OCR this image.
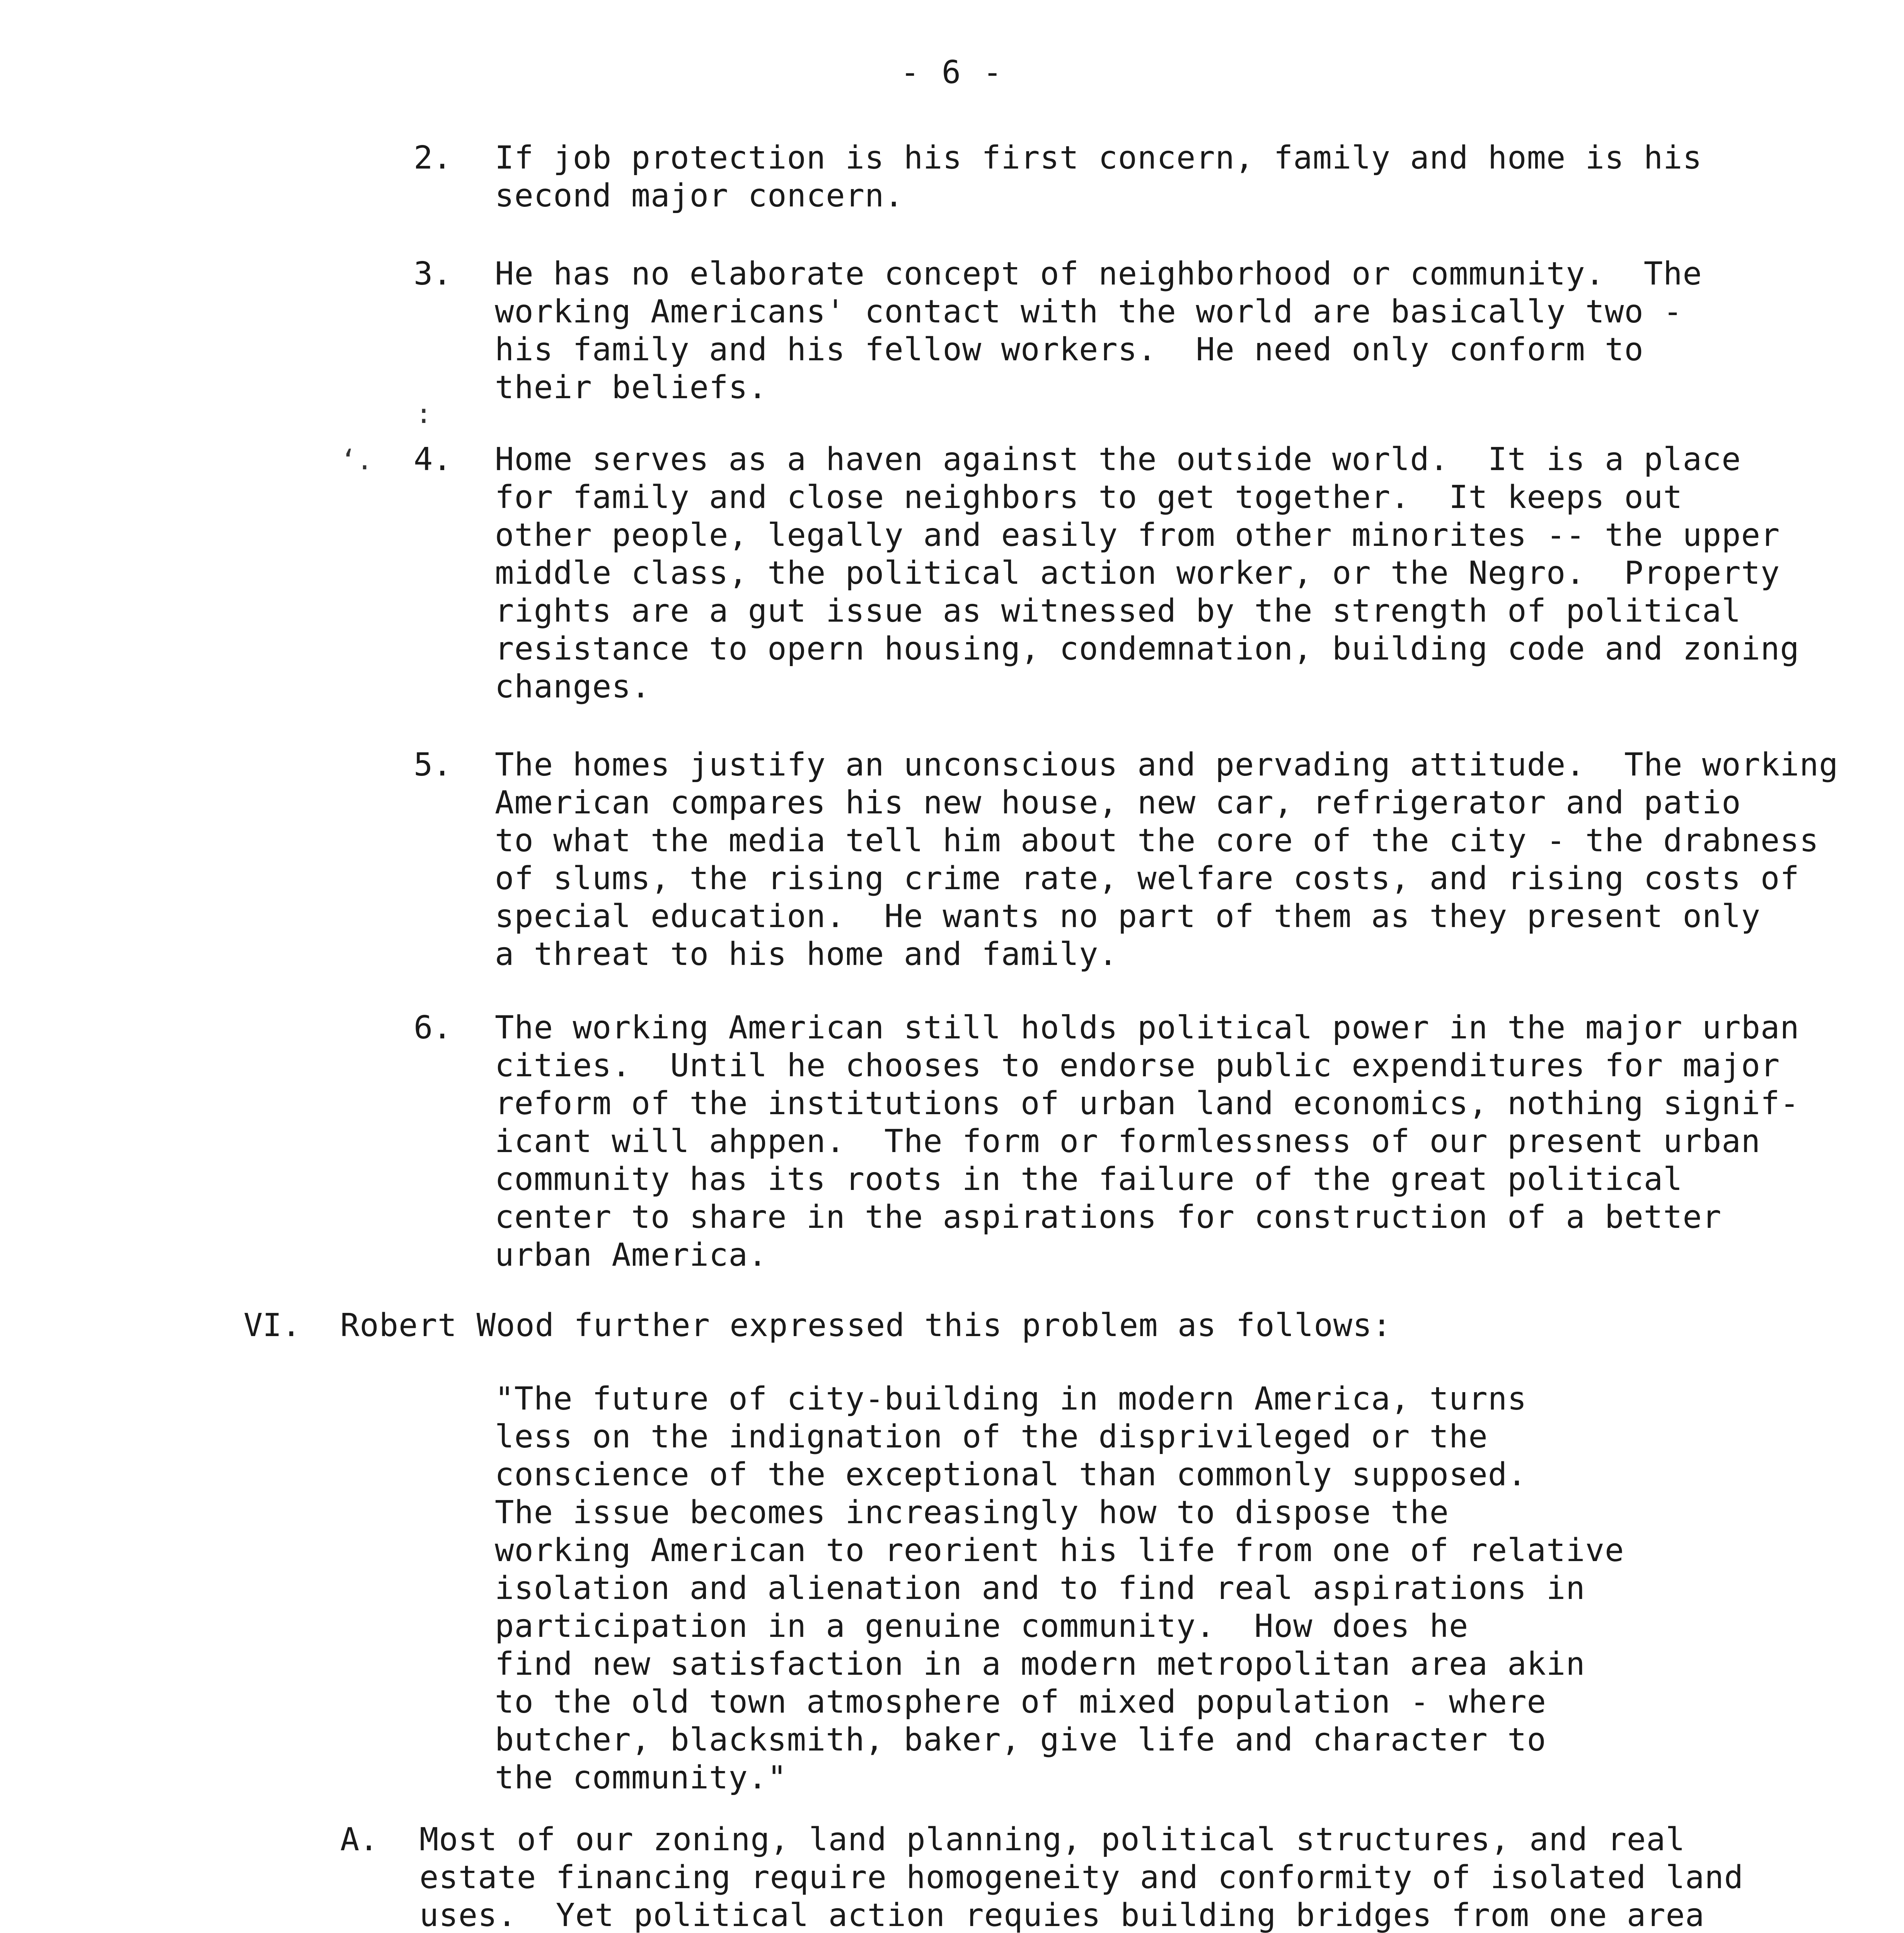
- 6 -
2. If job protection is his first concern, family and home is his
second major concern.
3. He has no elaborate concept of neighborhood or community.  The
working Americans' contact with the world are basically two -
his family and his fellow workers.  He need only conform to
their beliefs.
4. Home serves as a haven against the outside world.  It is a place
for family and close neighbors to get together.  It keeps out
other people, legally and easily from other minorites -- the upper
middle class, the political action worker, or the Negro.  Property
rights are a gut issue as witnessed by the strength of political
resistance to opern housing, condemnation, building code and zoning
changes.
5. The homes justify an unconscious and pervading attitude.  The working
American compares his new house, new car, refrigerator and patio
to what the media tell him about the core of the city - the drabness
of slums, the rising crime rate, welfare costs, and rising costs of
special education.  He wants no part of them as they present only
a threat to his home and family.
6. The working American still holds political power in the major urban
cities.  Until he chooses to endorse public expenditures for major
reform of the institutions of urban land economics, nothing signif-
icant will ahppen.  The form or formlessness of our present urban
community has its roots in the failure of the great political
center to share in the aspirations for construction of a better
urban America.
:
‘.
VI. Robert Wood further expressed this problem as follows:
"The future of city-building in modern America, turns
less on the indignation of the disprivileged or the
conscience of the exceptional than commonly supposed.
The issue becomes increasingly how to dispose the
working American to reorient his life from one of relative
isolation and alienation and to find real aspirations in
participation in a genuine community.  How does he
find new satisfaction in a modern metropolitan area akin
to the old town atmosphere of mixed population - where
butcher, blacksmith, baker, give life and character to
the community."
A. Most of our zoning, land planning, political structures, and real
estate financing require homogeneity and conformity of isolated land
uses.  Yet political action requies building bridges from one area
